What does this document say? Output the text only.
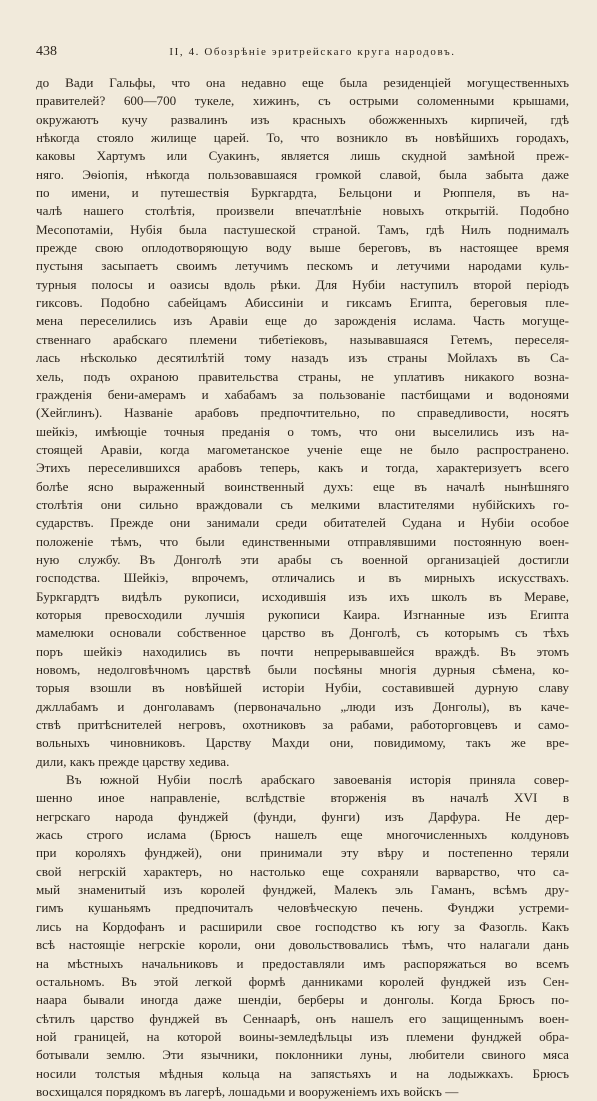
438	II, 4. Обозрѣніе эритрейскаго круга народовъ.
до Вади Гальфы, что она недавно еще была резиденціей могущественныхъ
правителей? 600—700 тукеле, хижинъ, съ острыми соломенными крышами,
окружаютъ кучу развалинъ изъ красныхъ обожженныхъ кирпичей, гдѣ
нѣкогда стояло жилище царей. То, что возникло въ новѣйшихъ городахъ,
каковы Хартумъ или Суакинъ, является лишь скудной замѣной преж-
няго. Эѳіопія, нѣкогда пользовавшаяся громкой славой, была забыта даже
по имени, и путешествія Буркгардта, Бельцони и Рюппеля, въ на-
чалѣ нашего столѣтія, произвели впечатлѣніе новыхъ открытій. Подобно
Месопотаміи, Нубія была пастушеской страной. Тамъ, гдѣ Нилъ поднималъ
прежде свою оплодотворяющую воду выше береговъ, въ настоящее время
пустыня засыпаетъ своимъ летучимъ пескомъ и летучими народами куль-
турныя полосы и оазисы вдоль рѣки. Для Нубіи наступилъ второй періодъ
гиксовъ. Подобно сабейцамъ Абиссиніи и гиксамъ Египта, береговыя пле-
мена переселились изъ Аравіи еще до зарожденія ислама. Часть могуще-
ственнаго арабскаго племени тибетіековъ, называвшаяся Гетемъ, переселя-
лась нѣсколько десятилѣтій тому назадъ изъ страны Мойлахъ въ Са-
хель, подъ охраною правительства страны, не уплативъ никакого возна-
гражденія бени-амерамъ и хабабамъ за пользованіе пастбищами и водоноями
(Хейглинъ). Названіе арабовъ предпочтительно, по справедливости, носятъ
шейкіэ, имѣющіе точныя преданія о томъ, что они выселились изъ на-
стоящей Аравіи, когда магометанское ученіе еще не было распространено.
Этихъ переселившихся арабовъ теперь, какъ и тогда, характеризуетъ всего
болѣе ясно выраженный воинственный духъ: еще въ началѣ нынѣшняго
столѣтія они сильно враждовали съ мелкими властителями нубійскихъ го-
сударствъ. Прежде они занимали среди обитателей Судана и Нубіи особое
положеніе тѣмъ, что были единственными отправлявшими постоянную воен-
ную службу. Въ Донголѣ эти арабы съ военной организаціей достигли
господства. Шейкіэ, впрочемъ, отличались и въ мирныхъ искусствахъ.
Буркгардтъ видѣлъ рукописи, исходившія изъ ихъ школъ въ Мераве,
которыя превосходили лучшія рукописи Каира. Изгнанные изъ Египта
мамелюки основали собственное царство въ Донголѣ, съ которымъ съ тѣхъ
поръ шейкіэ находились въ почти непрерывавшейся враждѣ. Въ этомъ
новомъ, недолговѣчномъ царствѣ были посѣяны многія дурныя сѣмена, ко-
торыя взошли въ новѣйшей исторіи Нубіи, составившей дурную славу
джллабамъ и донголавамъ (первоначально „люди изъ Донголы), въ каче-
ствѣ притѣснителей негровъ, охотниковъ за рабами, работорговцевъ и само-
вольныхъ чиновниковъ. Царству Махди они, повидимому, такъ же вре-
дили, какъ прежде царству хедива.
Въ южной Нубіи послѣ арабскаго завоеванія исторія приняла совер-
шенно иное направленіе, вслѣдствіе вторженія въ началѣ XVI в
негрскаго народа фунджей (фунди, фунги) изъ Дарфура. Не дер-
жась строго ислама (Брюсъ нашелъ еще многочисленныхъ колдуновъ
при короляхъ фунджей), они принимали эту вѣру и постепенно теряли
свой негрскій характеръ, но настолько еще сохраняли варварство, что са-
мый знаменитый изъ королей фунджей, Малекъ эль Гаманъ, всѣмъ дру-
гимъ кушаньямъ предпочиталъ человѣческую печень. Фунджи устреми-
лись на Кордофанъ и расширили свое господство къ югу за Фазогль. Какъ
всѣ настоящіе негрскіе короли, они довольствовались тѣмъ, что налагали дань
на мѣстныхъ начальниковъ и предоставляли имъ распоряжаться во всемъ
остальномъ. Въ этой легкой формѣ данниками королей фунджей изъ Сен-
наара бывали иногда даже шендіи, берберы и донголы. Когда Брюсъ по-
сѣтилъ царство фунджей въ Сеннаарѣ, онъ нашелъ его защищеннымъ воен-
ной границей, на которой воины-земледѣльцы изъ племени фунджей обра-
ботывали землю. Эти язычники, поклонники луны, любители свиного мяса
носили толстыя мѣдныя кольца на запястьяхъ и на лодыжкахъ. Брюсъ
восхищался порядкомъ въ лагерѣ, лошадьми и вооруженіемъ ихъ войскъ —
